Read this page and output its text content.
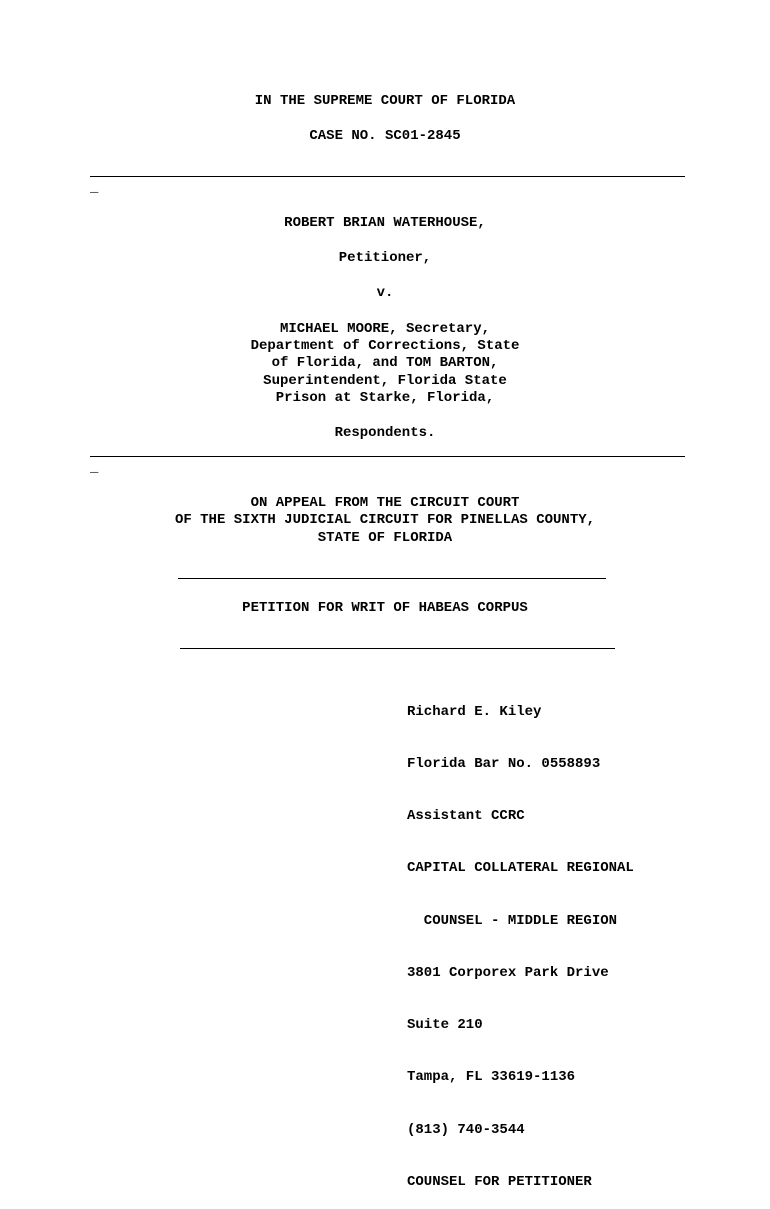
IN THE SUPREME COURT OF FLORIDA
CASE NO. SC01-2845
_
ROBERT BRIAN WATERHOUSE,
Petitioner,
v.
MICHAEL MOORE, Secretary,
Department of Corrections, State
of Florida, and TOM BARTON,
Superintendent, Florida State
Prison at Starke, Florida,
Respondents.
_
ON APPEAL FROM THE CIRCUIT COURT
OF THE SIXTH JUDICIAL CIRCUIT FOR PINELLAS COUNTY,
STATE OF FLORIDA
PETITION FOR WRIT OF HABEAS CORPUS

Richard E. Kiley

Florida Bar No. 0558893

Assistant CCRC

CAPITAL COLLATERAL REGIONAL

COUNSEL - MIDDLE REGION

3801 Corporex Park Drive

Suite 210

Tampa, FL 33619-1136

(813) 740-3544

COUNSEL FOR PETITIONER
